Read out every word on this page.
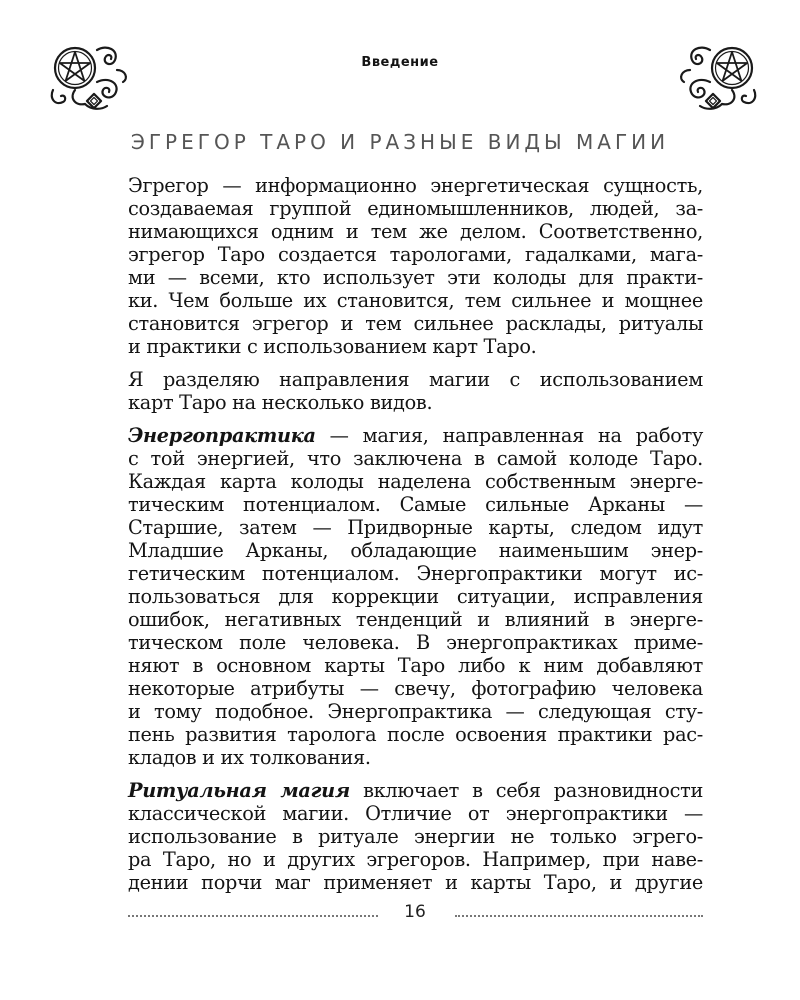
Введение
ЭГРЕГОР ТАРО И РАЗНЫЕ ВИДЫ МАГИИ

Эгрегор — информационно энергетическая сущность,
создаваемая группой единомышленников, людей, за-
нимающихся одним и тем же делом. Соответственно,
эгрегор Таро создается тарологами, гадалками, мага-
ми — всеми, кто использует эти колоды для практи-
ки. Чем больше их становится, тем сильнее и мощнее
становится эгрегор и тем сильнее расклады, ритуалы
и практики с использованием карт Таро.

Я разделяю направления магии с использованием
карт Таро на несколько видов.

Энергопрактика — магия, направленная на работу
с той энергией, что заключена в самой колоде Таро.
Каждая карта колоды наделена собственным энерге-
тическим потенциалом. Самые сильные Арканы —
Старшие, затем — Придворные карты, следом идут
Младшие Арканы, обладающие наименьшим энер-
гетическим потенциалом. Энергопрактики могут ис-
пользоваться для коррекции ситуации, исправления
ошибок, негативных тенденций и влияний в энерге-
тическом поле человека. В энергопрактиках приме-
няют в основном карты Таро либо к ним добавляют
некоторые атрибуты — свечу, фотографию человека
и тому подобное. Энергопрактика — следующая сту-
пень развития таролога после освоения практики рас-
кладов и их толкования.

Ритуальная магия включает в себя разновидности
классической магии. Отличие от энергопрактики —
использование в ритуале энергии не только эгрего-
ра Таро, но и других эгрегоров. Например, при наве-
дении порчи маг применяет и карты Таро, и другие

16
